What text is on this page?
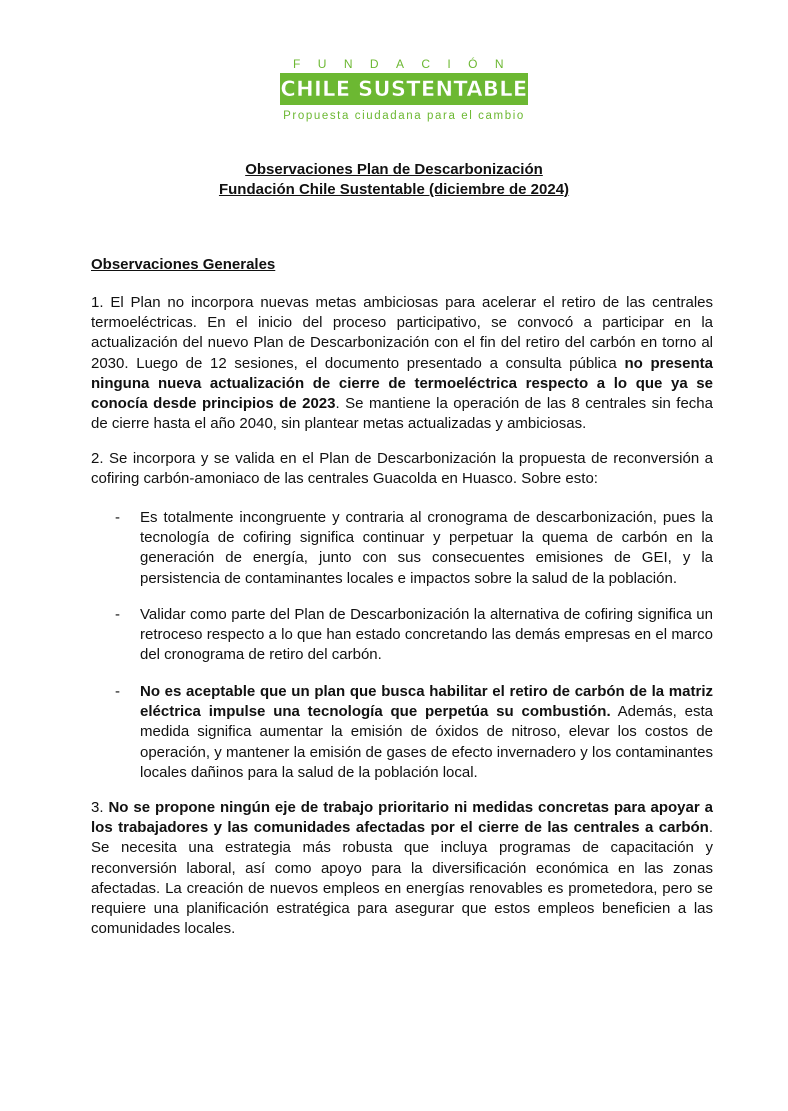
FUNDACIÓN
CHILE SUSTENTABLE
Propuesta ciudadana para el cambio
Observaciones Plan de Descarbonización
Fundación Chile Sustentable (diciembre de 2024)
Observaciones Generales

1. El Plan no incorpora nuevas metas ambiciosas para acelerar el retiro de las centrales termoeléctricas. En el inicio del proceso participativo, se convocó a participar en la actualización del nuevo Plan de Descarbonización con el fin del retiro del carbón en torno al 2030. Luego de 12 sesiones, el documento presentado a consulta pública no presenta ninguna nueva actualización de cierre de termoeléctrica respecto a lo que ya se conocía desde principios de 2023. Se mantiene la operación de las 8 centrales sin fecha de cierre hasta el año 2040, sin plantear metas actualizadas y ambiciosas.

2. Se incorpora y se valida en el Plan de Descarbonización la propuesta de reconversión a cofiring carbón-amoniaco de las centrales Guacolda en Huasco. Sobre esto:

-	Es totalmente incongruente y contraria al cronograma de descarbonización, pues la tecnología de cofiring significa continuar y perpetuar la quema de carbón en la generación de energía, junto con sus consecuentes emisiones de GEI, y la persistencia de contaminantes locales e impactos sobre la salud de la población.

-	Validar como parte del Plan de Descarbonización la alternativa de cofiring significa un retroceso respecto a lo que han estado concretando las demás empresas en el marco del cronograma de retiro del carbón.

-	No es aceptable que un plan que busca habilitar el retiro de carbón de la matriz eléctrica impulse una tecnología que perpetúa su combustión. Además, esta medida significa aumentar la emisión de óxidos de nitroso, elevar los costos de operación, y mantener la emisión de gases de efecto invernadero y los contaminantes locales dañinos para la salud de la población local.

3. No se propone ningún eje de trabajo prioritario ni medidas concretas para apoyar a los trabajadores y las comunidades afectadas por el cierre de las centrales a carbón. Se necesita una estrategia más robusta que incluya programas de capacitación y reconversión laboral, así como apoyo para la diversificación económica en las zonas afectadas. La creación de nuevos empleos en energías renovables es prometedora, pero se requiere una planificación estratégica para asegurar que estos empleos beneficien a las comunidades locales.
